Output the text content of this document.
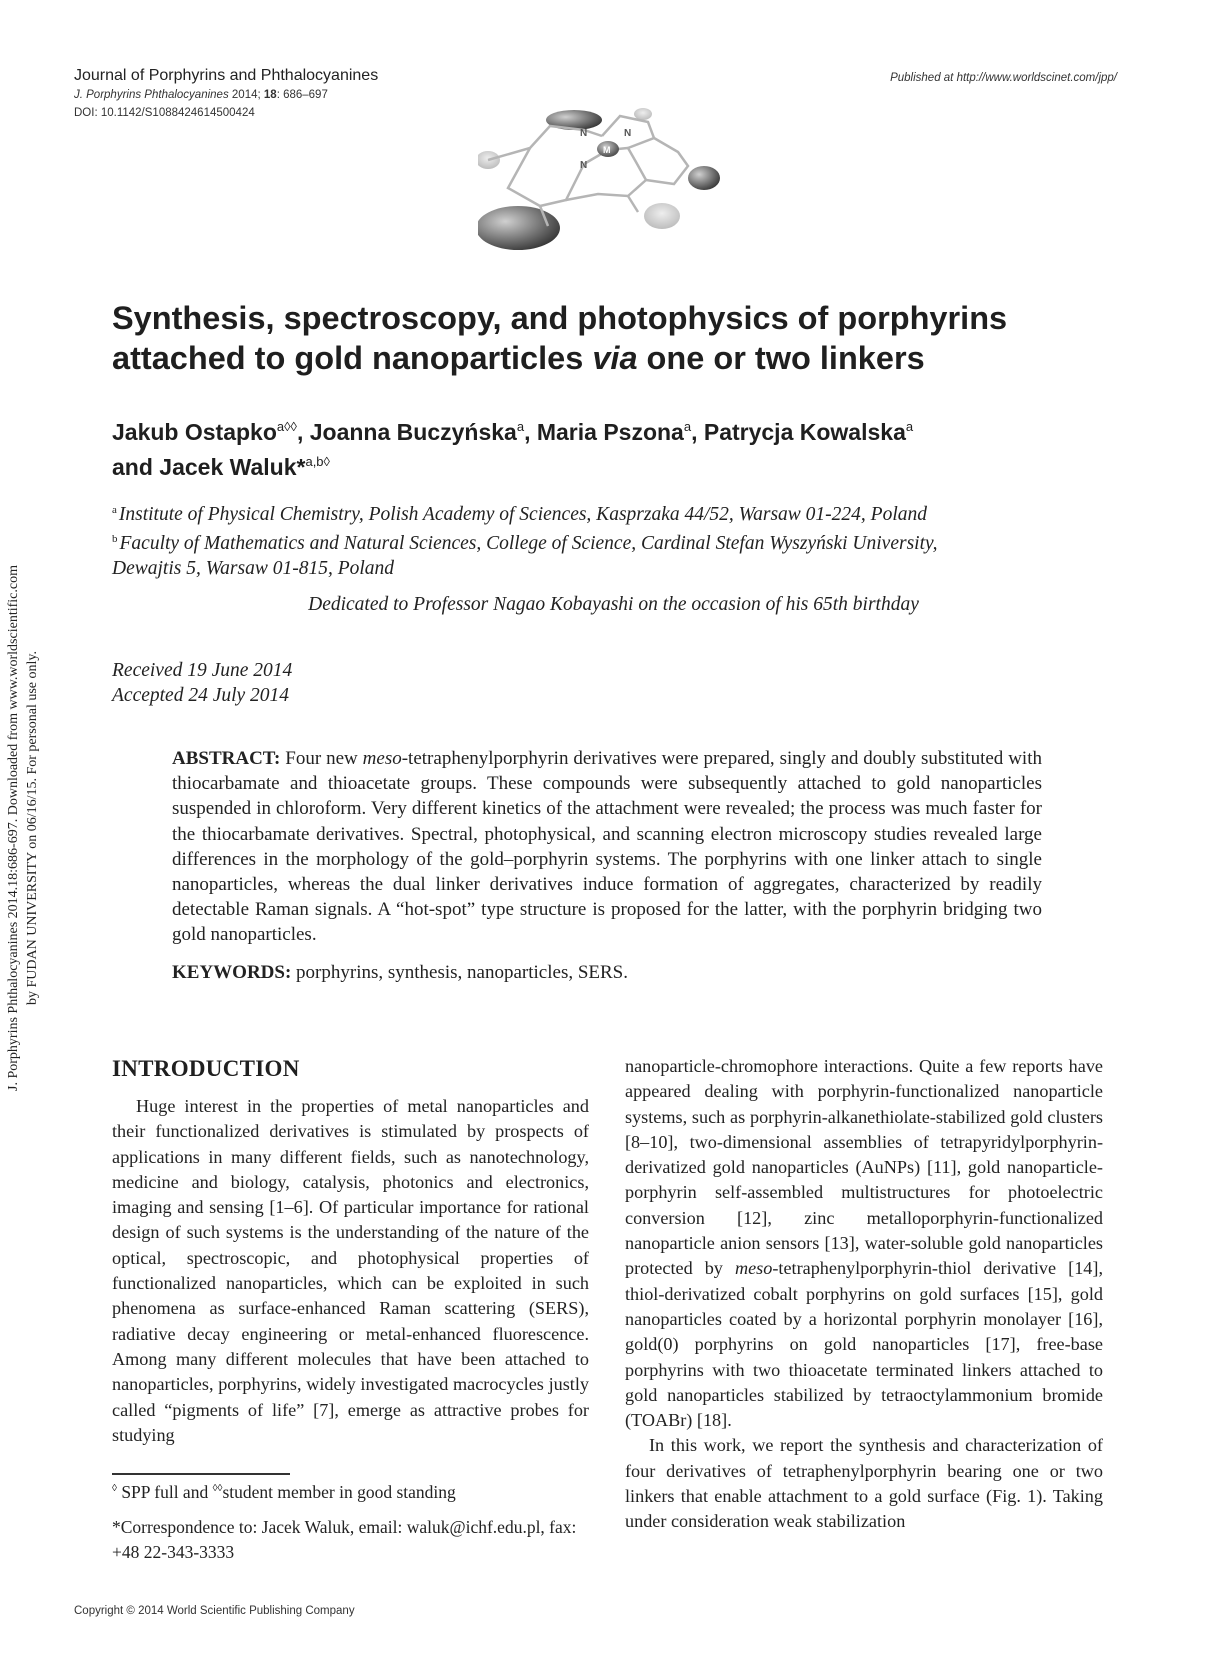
Journal of Porphyrins and Phthalocyanines
J. Porphyrins Phthalocyanines 2014; 18: 686–697
DOI: 10.1142/S1088424614500424
Published at http://www.worldscinet.com/jpp/
N	N
N
M
J. Porphyrins Phthalocyanines 2014.18:686-697. Downloaded from www.worldscientific.com by FUDAN UNIVERSITY on 06/16/15. For personal use only.
Synthesis, spectroscopy, and photophysics of porphyrins
attached to gold nanoparticles via one or two linkers
Jakub Ostapko$^{a◊◊}$, Joanna Buczyńska$^a$, Maria Pszona$^a$, Patrycja Kowalska$^a$
and Jacek Waluk*$^{a,b◊}$
$^a$ Institute of Physical Chemistry, Polish Academy of Sciences, Kasprzaka 44/52, Warsaw 01-224, Poland
$^b$ Faculty of Mathematics and Natural Sciences, College of Science, Cardinal Stefan Wyszyński University,
Dewajtis 5, Warsaw 01-815, Poland
Dedicated to Professor Nagao Kobayashi on the occasion of his 65th birthday
Received 19 June 2014
Accepted 24 July 2014
ABSTRACT: Four new meso-tetraphenylporphyrin derivatives were prepared, singly and doubly substituted with thiocarbamate and thioacetate groups. These compounds were subsequently attached to gold nanoparticles suspended in chloroform. Very different kinetics of the attachment were revealed; the process was much faster for the thiocarbamate derivatives. Spectral, photophysical, and scanning electron microscopy studies revealed large differences in the morphology of the gold–porphyrin systems. The porphyrins with one linker attach to single nanoparticles, whereas the dual linker derivatives induce formation of aggregates, characterized by readily detectable Raman signals. A “hot-spot” type structure is proposed for the latter, with the porphyrin bridging two gold nanoparticles.
KEYWORDS: porphyrins, synthesis, nanoparticles, SERS.
INTRODUCTION
Huge interest in the properties of metal nanoparticles and their functionalized derivatives is stimulated by prospects of applications in many different fields, such as nanotechnology, medicine and biology, catalysis, photonics and electronics, imaging and sensing [1–6]. Of particular importance for rational design of such systems is the understanding of the nature of the optical, spectroscopic, and photophysical properties of functionalized nanoparticles, which can be exploited in such phenomena as surface-enhanced Raman scattering (SERS), radiative decay engineering or metal-enhanced fluorescence. Among many different molecules that have been attached to nanoparticles, porphyrins, widely investigated macrocycles justly called “pigments of life” [7], emerge as attractive probes for studying
nanoparticle-chromophore interactions. Quite a few reports have appeared dealing with porphyrin-functionalized nanoparticle systems, such as porphyrin-alkanethiolate-stabilized gold clusters [8–10], two-dimensional assemblies of tetrapyridylporphyrin-derivatized gold nanoparticles (AuNPs) [11], gold nanoparticle-porphyrin self-assembled multistructures for photoelectric conversion [12], zinc metalloporphyrin-functionalized nanoparticle anion sensors [13], water-soluble gold nanoparticles protected by meso-tetraphenylporphyrin-thiol derivative [14], thiol-derivatized cobalt porphyrins on gold surfaces [15], gold nanoparticles coated by a horizontal porphyrin monolayer [16], gold(0) porphyrins on gold nanoparticles [17], free-base porphyrins with two thioacetate terminated linkers attached to gold nanoparticles stabilized by tetraoctylammonium bromide (TOABr) [18].
In this work, we report the synthesis and characterization of four derivatives of tetraphenylporphyrin bearing one or two linkers that enable attachment to a gold surface (Fig. 1). Taking under consideration weak stabilization
◊ SPP full and ◊◊student member in good standing
*Correspondence to: Jacek Waluk, email: waluk@ichf.edu.pl, fax: +48 22-343-3333
Copyright © 2014 World Scientific Publishing Company
